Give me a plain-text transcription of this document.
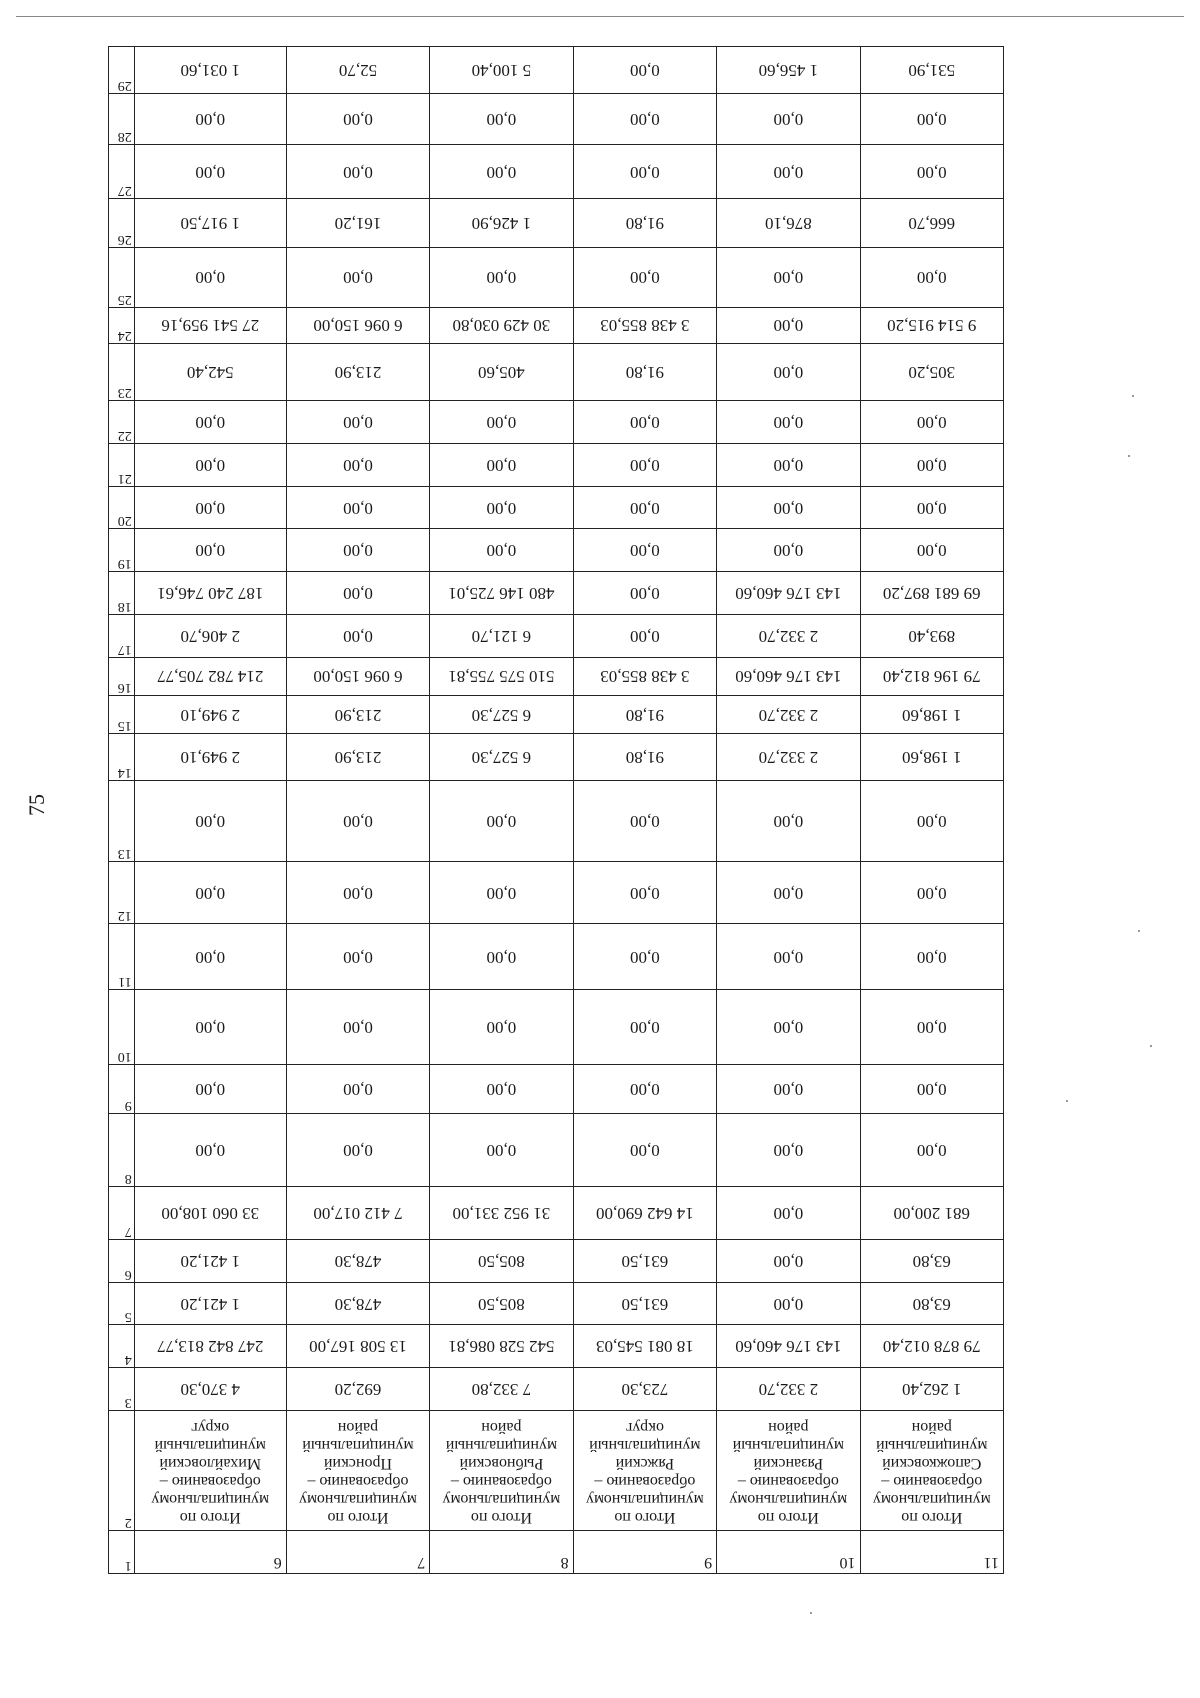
75
11	10	9	8	7	6	1
Итого по муниципальному образованию – Сапожковский муниципальный район	Итого по муниципальному образованию – Рязанский муниципальный район	Итого по муниципальному образованию – Ряжский муниципальный округ	Итого по муниципальному образованию – Рыбновский муниципальный район	Итого по муниципальному образованию – Пронский муниципальный район	Итого по муниципальному образованию – Михайловский муниципальный округ	2
1 262,40	2 332,70	723,30	7 332,80	692,20	4 370,30	3
79 878 012,40	143 176 460,60	18 081 545,03	542 528 086,81	13 508 167,00	247 842 813,77	4
63,80	0,00	631,50	805,50	478,30	1 421,20	5
63,80	0,00	631,50	805,50	478,30	1 421,20	6
681 200,00	0,00	14 642 690,00	31 952 331,00	7 412 017,00	33 060 108,00	7
0,00	0,00	0,00	0,00	0,00	0,00	8
0,00	0,00	0,00	0,00	0,00	0,00	9
0,00	0,00	0,00	0,00	0,00	0,00	10
0,00	0,00	0,00	0,00	0,00	0,00	11
0,00	0,00	0,00	0,00	0,00	0,00	12
0,00	0,00	0,00	0,00	0,00	0,00	13
1 198,60	2 332,70	91,80	6 527,30	213,90	2 949,10	14
1 198,60	2 332,70	91,80	6 527,30	213,90	2 949,10	15
79 196 812,40	143 176 460,60	3 438 855,03	510 575 755,81	6 096 150,00	214 782 705,77	16
893,40	2 332,70	0,00	6 121,70	0,00	2 406,70	17
69 681 897,20	143 176 460,60	0,00	480 146 725,01	0,00	187 240 746,61	18
0,00	0,00	0,00	0,00	0,00	0,00	19
0,00	0,00	0,00	0,00	0,00	0,00	20
0,00	0,00	0,00	0,00	0,00	0,00	21
0,00	0,00	0,00	0,00	0,00	0,00	22
305,20	0,00	91,80	405,60	213,90	542,40	23
9 514 915,20	0,00	3 438 855,03	30 429 030,80	6 096 150,00	27 541 959,16	24
0,00	0,00	0,00	0,00	0,00	0,00	25
666,70	876,10	91,80	1 426,90	161,20	1 917,50	26
0,00	0,00	0,00	0,00	0,00	0,00	27
0,00	0,00	0,00	0,00	0,00	0,00	28
531,90	1 456,60	0,00	5 100,40	52,70	1 031,60	29
